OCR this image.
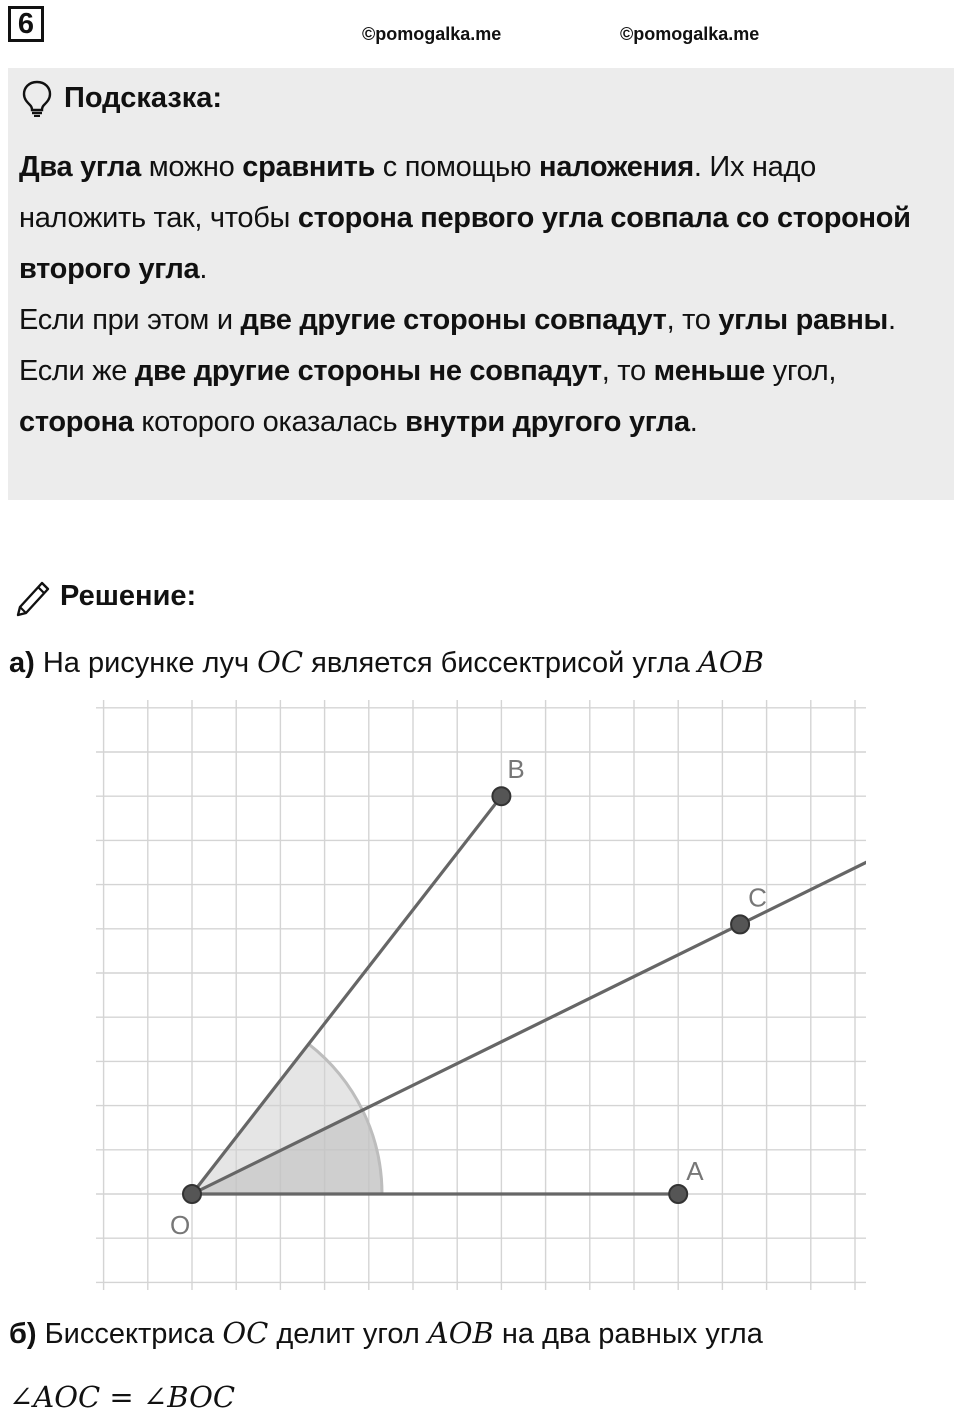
6	©pomogalka.me	©pomogalka.me
Подсказка:

Два угла можно сравнить с помощью наложения. Их надо наложить так, чтобы сторона первого угла совпала со стороной второго угла.

Если при этом и две другие стороны совпадут, то углы равны. Если же две другие стороны не совпадут, то меньше угол, сторона которого оказалась внутри другого угла.

Решение:
а) На рисунке луч OC является биссектрисой угла AOB
O
A
B
C
б) Биссектриса OC делит угол AOB на два равных угла
∠AOC = ∠BOC
